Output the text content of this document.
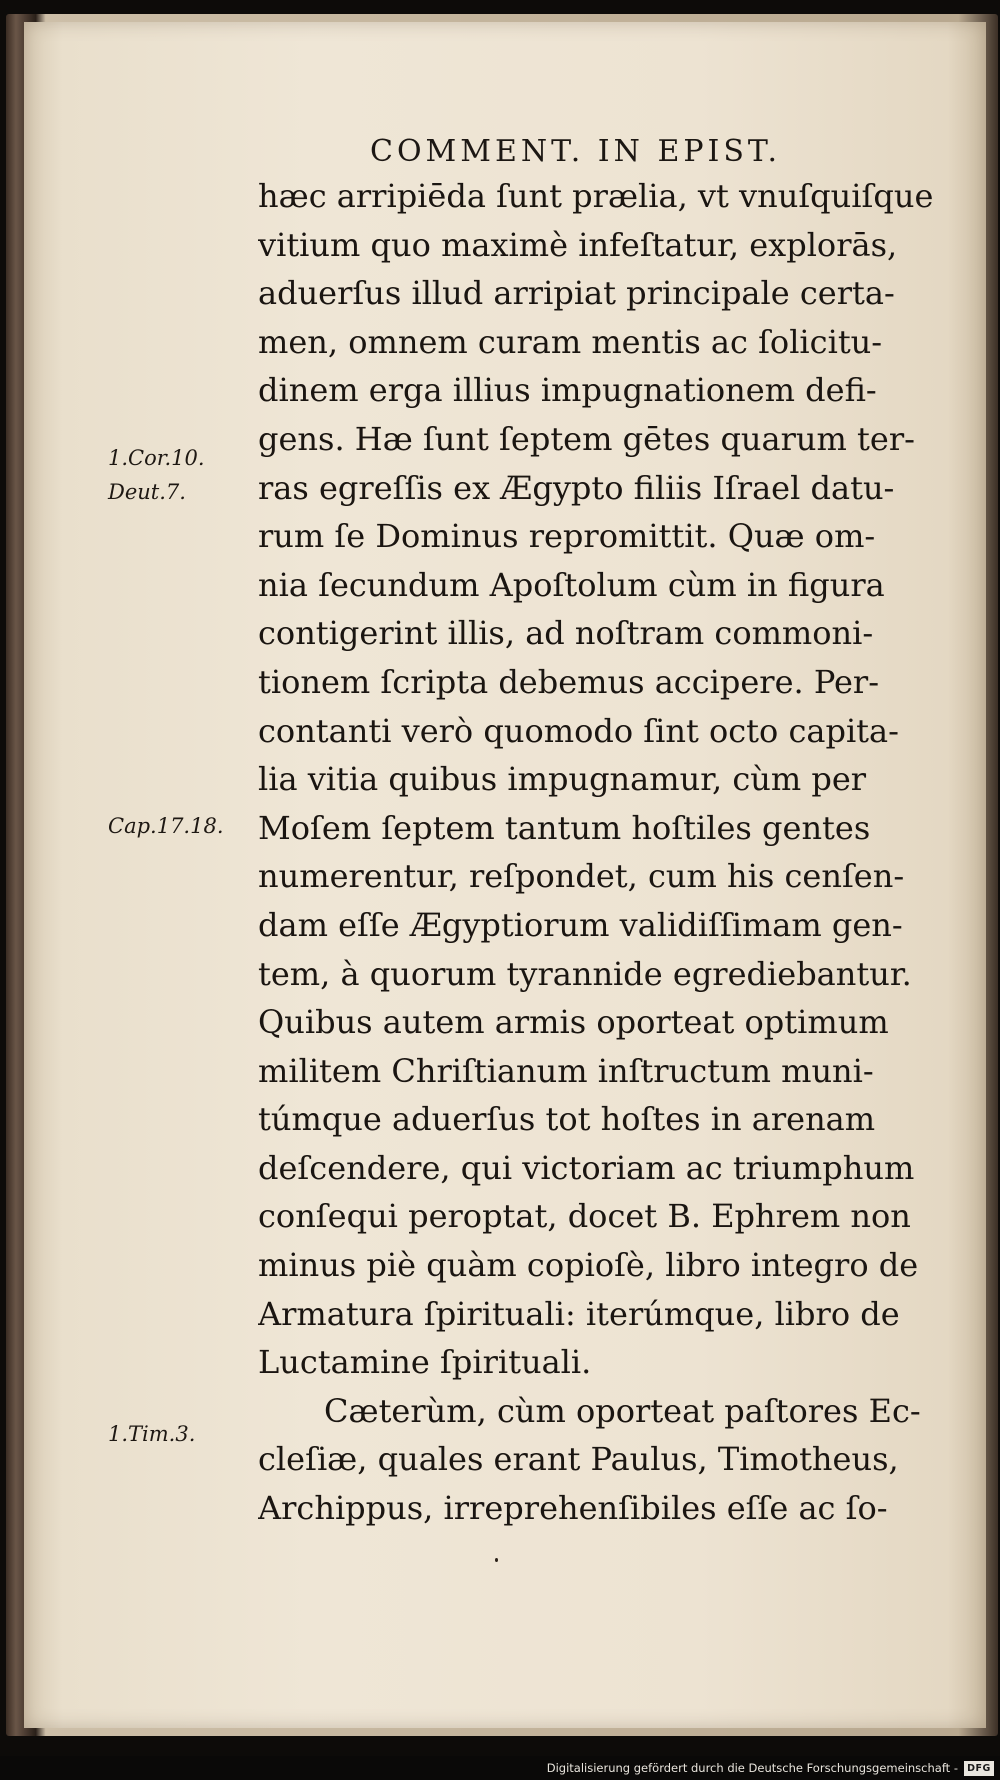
COMMENT. IN EPIST.
1.Cor.10.
Deut.7.
Cap.17.18.
1.Tim.3.
hæc arripiēda ſunt prælia, vt vnuſquiſque
vitium quo maximè infeſtatur, explorās,
aduerſus illud arripiat principale certa-
men, omnem curam mentis ac ſolicitu-
dinem erga illius impugnationem defi-
gens. Hæ ſunt ſeptem gētes quarum ter-
ras egreſſis ex Ægypto filiis Iſrael datu-
rum ſe Dominus repromittit. Quæ om-
nia ſecundum Apoſtolum cùm in figura
contigerint illis, ad noſtram commoni-
tionem ſcripta debemus accipere. Per-
contanti verò quomodo ſint octo capita-
lia vitia quibus impugnamur, cùm per
Moſem ſeptem tantum hoſtiles gentes
numerentur, reſpondet, cum his cenſen-
dam eſſe Ægyptiorum validiſſimam gen-
tem, à quorum tyrannide egrediebantur.
Quibus autem armis oporteat optimum
militem Chriſtianum inſtructum muni-
túmque aduerſus tot hoſtes in arenam
deſcendere, qui victoriam ac triumphum
conſequi peroptat, docet B. Ephrem non
minus piè quàm copioſè, libro integro de
Armatura ſpirituali: iterúmque, libro de
Luctamine ſpirituali.
Cæterùm, cùm oporteat paſtores Ec-
cleſiæ, quales erant Paulus, Timotheus,
Archippus, irreprehenſibiles eſſe ac ſo-
Digitalisierung gefördert durch die Deutsche Forschungsgemeinschaft - DFG
